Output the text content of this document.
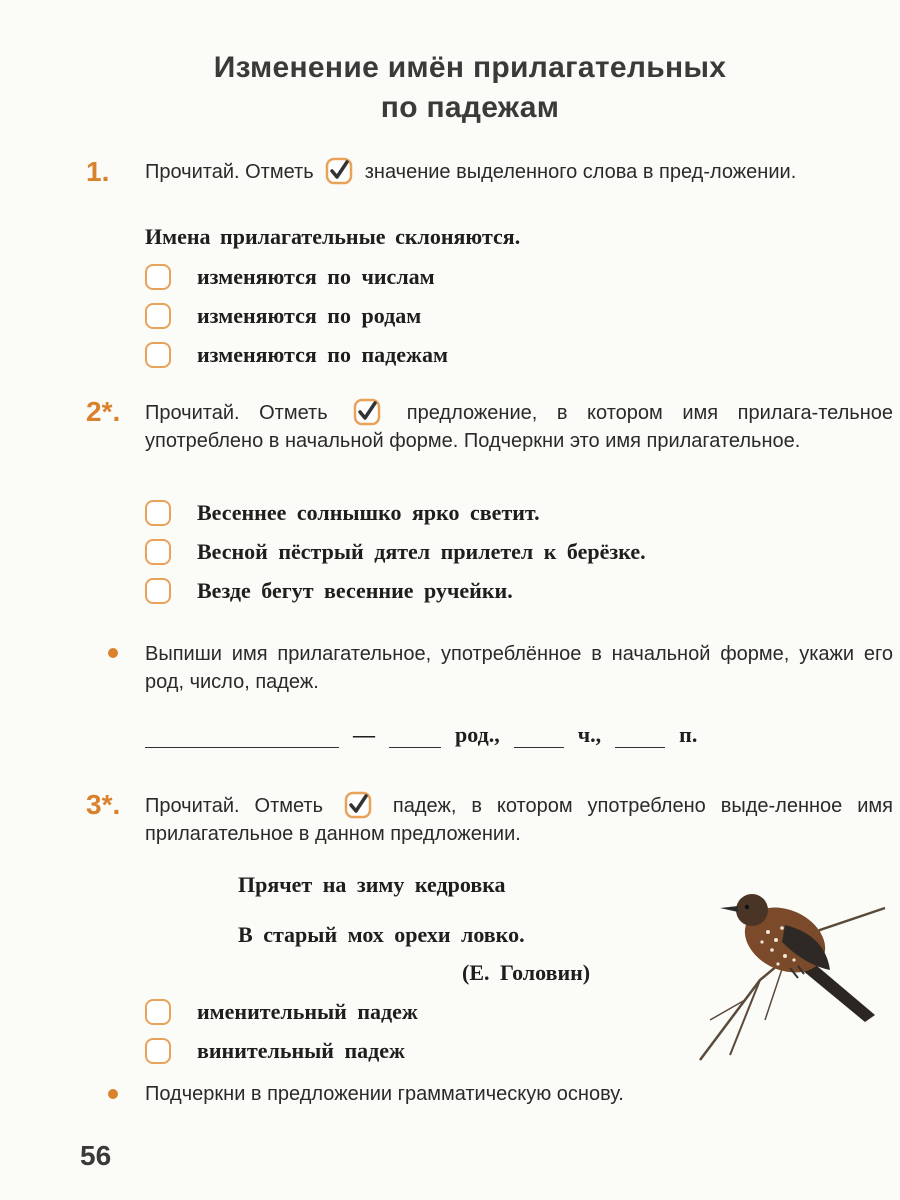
Изменение имён прилагательных
по падежам
1. Прочитай. Отметь	значение выделенного слова в пред-ложении.
Имена прилагательные склоняются.
изменяются по числам
изменяются по родам
изменяются по падежам
2*. Прочитай. Отметь	предложение, в котором имя прилага-тельное употреблено в начальной форме. Подчеркни это имя прилагательное.
Весеннее солнышко ярко светит.
Весной пёстрый дятел прилетел к берёзке.
Везде бегут весенние ручейки.
Выпиши имя прилагательное, употреблённое в начальной форме, укажи его род, число, падеж.
—	род.,	ч.,	п.
3*. Прочитай. Отметь	падеж, в котором употреблено выде-ленное имя прилагательное в данном предложении.
Прячет на зиму кедровка
В старый мох орехи ловко.
(Е. Головин)
именительный падеж
винительный падеж
Подчеркни в предложении грамматическую основу.
56
